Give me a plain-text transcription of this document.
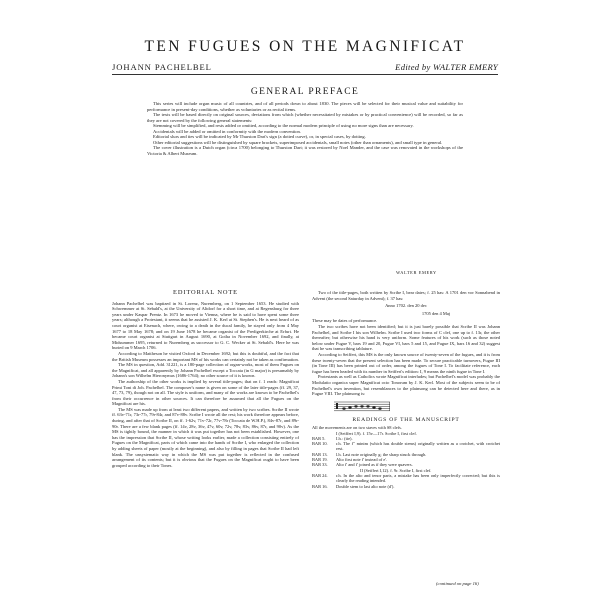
TEN FUGUES ON THE MAGNIFICAT
JOHANN PACHELBEL	Edited by WALTER EMERY
GENERAL PREFACE

This series will include organ music of all countries, and of all periods down to about 1830. The pieces will be selected for their musical value and suitability for performance in present-day conditions, whether as voluntaries or as recital items.

The texts will be based directly on original sources, deviations from which (whether necessitated by mistakes or by practical convenience) will be recorded, so far as they are not covered by the following general statements:

Stemming will be simplified, and rests added or omitted, according to the normal modern principle of using no more signs than are necessary.

Accidentals will be added or omitted in conformity with the modern convention.

Editorial slurs and ties will be indicated by Mr Thurston Dart's sign (a dotted curve), or, in special cases, by dotting.

Other editorial suggestions will be distinguished by square brackets, superimposed accidentals, small notes (other than ornaments), and small type in general.

The cover illustration is a Dutch organ (circa 1700) belonging to Thurston Dart; it was restored by Noel Mander, and the case was renovated in the workshops of the Victoria & Albert Museum.

WALTER EMERY
EDITORIAL NOTE

Johann Pachelbel was baptized in St. Lorenz, Nuremberg, on 1 September 1653. He studied with Schwemmer at St. Sebald's, at the University of Altdorf for a short time, and at Regensburg for three years under Kaspar Prentz. In 1673 he moved to Vienna, where he is said to have spent some three years; although a Protestant, it seems that he assisted J. K. Kerl at St. Stephen's. He is next heard of as court organist at Eisenach, where, owing to a death in the ducal family, he stayed only from 4 May 1677 to 18 May 1678; and on 19 June 1678 he became organist of the Predigerkirche at Erfurt. He became court organist at Stuttgart in August 1690, at Gotha in November 1692, and finally, at Midsummer 1695, returned to Nuremberg as successor to G. C. Wecker at St. Sebald's. Here he was buried on 9 March 1706.

According to Mattheson he visited Oxford in December 1692; but this is doubtful, and the fact that the British Museum possesses an important MS of his works can certainly not be taken as confirmation.

The MS in question, Add. 31221, is a 180-page collection of organ-works, most of them Fugues on the Magnificat, and all apparently by Johann Pachelbel except a Toccata (in G major) is presumably by Johann's son Wilhelm Hieronymus (1686-1764); no other source of it is known.

The authorship of the other works is implied by several title-pages; that on f. 1 reads: Magnificat Primi Toni di Joh. Pachelbel. The composer's name is given on some of the later title-pages (ff. 29, 37, 47, 73, 79), though not on all. The style is uniform, and many of the works are known to be Pachelbel's from their occurrence in other sources. It can therefore be assumed that all the Fugues on the Magnificat are his.

The MS was made up from at least two different papers, and written by two scribes. Scribe II wrote ff. 63v-71r, 73r-77r, 79r-84r, and 87v-88v. Scribe I wrote all the rest; his work therefore appears before, during, and after that of Scribe II, on ff. 1-62v, 71v-72r, 77v-78r (Toccata de W.H.P.), 84v-87r, and 89r-90r. There are a few blank pages (ff. 14v, 28v, 36v, 47v, 60v, 72v, 78v, 83v, 86v, 87r, and 90v). As the MS is tightly bound, the manner in which it was put together has not been established. However, one has the impression that Scribe II, whose writing looks earlier, made a collection consisting entirely of Fugues on the Magnificat, parts of which came into the hands of Scribe I, who enlarged the collection by adding sheets of paper (mostly at the beginning), and also by filling in pages that Scribe II had left blank. The unsystematic way in which the MS was put together is reflected in the confused arrangement of its contents; but it is obvious that the Fugues on the Magnificat ought to have been grouped according to their Tones.

Two of the title-pages, both written by Scribe I, bear dates; f. 25 has: A 1701 den vor Sonnabend in Advent (the second Saturday in Advent); f. 37 has:

Anno 1702. den 20 dec
1705 den 4 Maj

These may be dates of performance.

The two scribes have not been identified; but it is just barely possible that Scribe II was Johann Pachelbel, and Scribe I his son Wilhelm. Scribe I used two forms of C clef, one up to f. 13r, the other thereafter; but otherwise his hand is very uniform. Some features of his work (such as those noted below under Fugue V, bars 19 and 20, Fugue VI, bars 5 and 15, and Fugue IX, bars 16 and 32) suggest that he was transcribing tablature.

According to Seiffert, this MS is the only known source of twenty-seven of the fugues, and it is from these twenty-seven that the present selection has been made. To secure practicable turnovers, Fugue III (in Tone III) has been printed out of order, among the fugues of Tone I. To facilitate reference, each fugue has been headed with its number in Seiffert's edition: I, 9 means the ninth fugue in Tone I.

Protestants as well as Catholics wrote Magnificat interludes; but Pachelbel's model was probably the Modulatio organica super Magnificat octo Tonorum by J. K. Kerl. Most of the subjects seem to be of Pachelbel's own invention, but resemblances to the plainsong can be detected here and there, as in Fugue VIII. The plainsong is:

READINGS OF THE MANUSCRIPT
All the movements are on two staves with S8 clefs.
I (Seiffert I,9). f. 15v—17r. Scribe I, first clef.
BAR 5.	I.h.: (tie).
BAR 10.	r.h. The f" minim (which has double stems) originally written as a crotchet, with crotchet rest.
BAR 13.	l.h. Last note originally g; the sharp struck through.
BAR 19.	Alto first note f' instead of e'.
BAR 33.	Alto f' and f' joined as if they were quavers.
II (Seiffert I,12). f. 9r. Scribe I, first clef.
BAR 24.	r.h. In the alto and tenor parts, a mistake has been only imperfectly corrected; but this is clearly the reading intended.
BAR 16.	Double stem to last alto note (d').
(continued on page 16)
